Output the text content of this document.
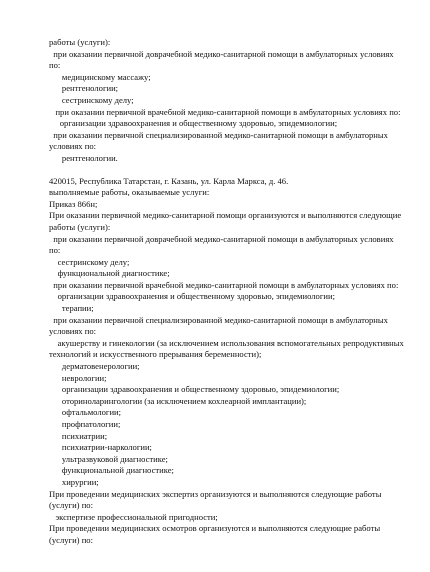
работы (услуги):
при оказании первичной доврачебной медико-санитарной помощи в амбулаторных условиях
по:
медицинскому массажу;
рентгенологии;
сестринскому делу;
при оказании первичной врачебной медико-санитарной помощи в амбулаторных условиях по:
организации здравоохранения и общественному здоровью, эпидемиологии;
при оказании первичной специализированной медико-санитарной помощи в амбулаторных
условиях по:
рентгенологии.
420015, Республика Татарстан, г. Казань, ул. Карла Маркса, д. 46.
выполняемые работы, оказываемые услуги:
Приказ 866н;
При оказании первичной медико-санитарной помощи организуются и выполняются следующие
работы (услуги):
при оказании первичной доврачебной медико-санитарной помощи в амбулаторных условиях
по:
сестринскому делу;
функциональной диагностике;
при оказании первичной врачебной медико-санитарной помощи в амбулаторных условиях по:
организации здравоохранения и общественному здоровью, эпидемиологии;
терапии;
при оказании первичной специализированной медико-санитарной помощи в амбулаторных
условиях по:
акушерству и гинекологии (за исключением использования вспомогательных репродуктивных
технологий и искусственного прерывания беременности);
дерматовенерологии;
неврологии;
организации здравоохранения и общественному здоровью, эпидемиологии;
оториноларингологии (за исключением кохлеарной имплантации);
офтальмологии;
профпатологии;
психиатрии;
психиатрии-наркологии;
ультразвуковой диагностике;
функциональной диагностике;
хирургии;
При проведении медицинских экспертиз организуются и выполняются следующие работы
(услуги) по:
экспертизе профессиональной пригодности;
При проведении медицинских осмотров организуются и выполняются следующие работы
(услуги) по:
